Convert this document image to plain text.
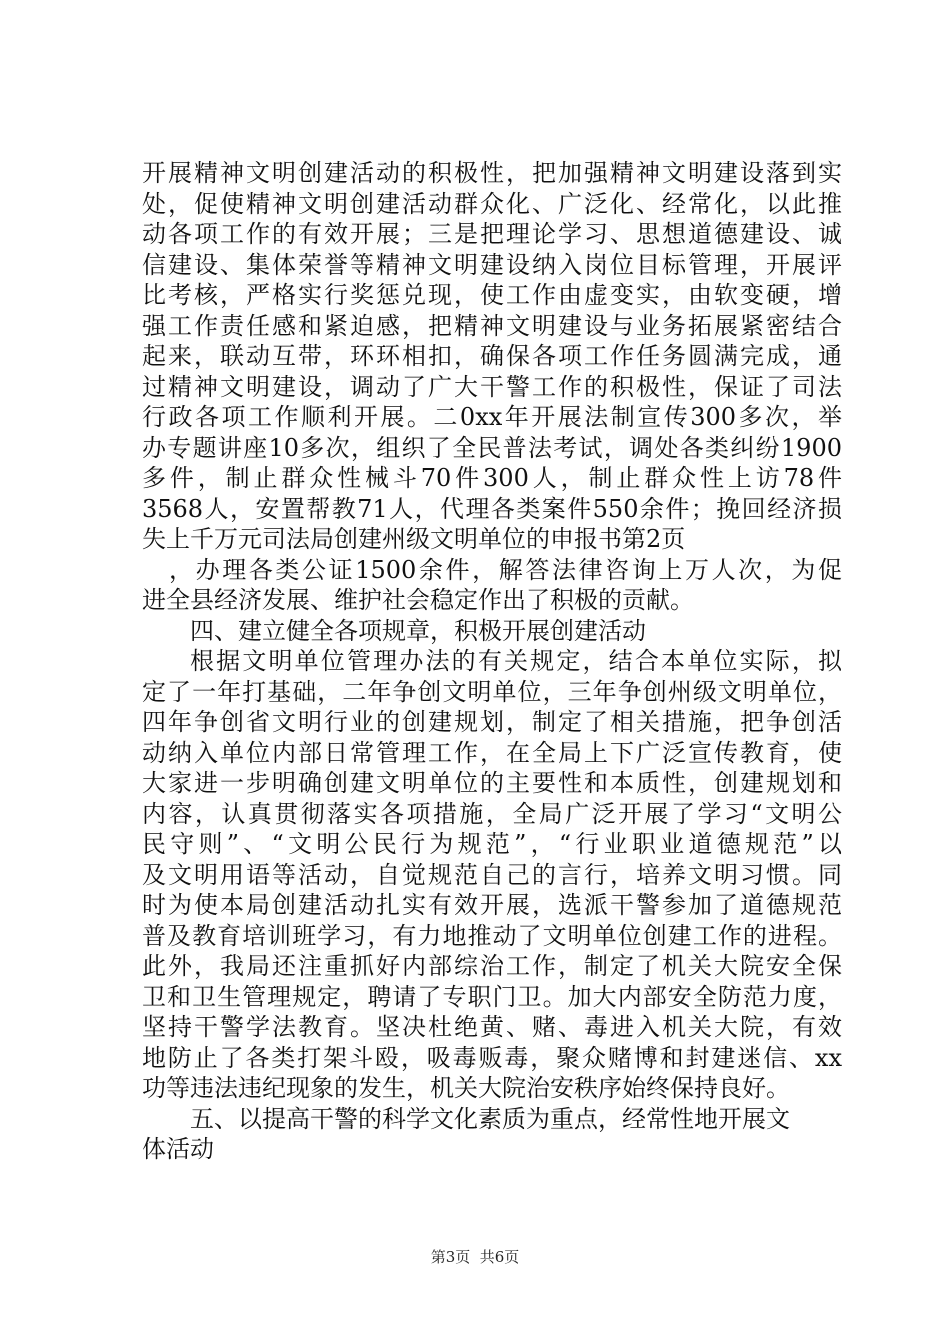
开展精神文明创建活动的积极性，把加强精神文明建设落到实
处，促使精神文明创建活动群众化、广泛化、经常化，以此推
动各项工作的有效开展；三是把理论学习、思想道德建设、诚
信建设、集体荣誉等精神文明建设纳入岗位目标管理，开展评
比考核，严格实行奖惩兑现，使工作由虚变实，由软变硬，增
强工作责任感和紧迫感，把精神文明建设与业务拓展紧密结合
起来，联动互带，环环相扣，确保各项工作任务圆满完成，通
过精神文明建设，调动了广大干警工作的积极性，保证了司法
行政各项工作顺利开展。二0xx年开展法制宣传300多次，举
办专题讲座10多次，组织了全民普法考试，调处各类纠纷1900
多件，制止群众性械斗70件300人，制止群众性上访78件
3568人，安置帮教71人，代理各类案件550余件；挽回经济损
失上千万元司法局创建州级文明单位的申报书第2页
，办理各类公证1500余件，解答法律咨询上万人次，为促
进全县经济发展、维护社会稳定作出了积极的贡献。
四、建立健全各项规章，积极开展创建活动
根据文明单位管理办法的有关规定，结合本单位实际，拟
定了一年打基础，二年争创文明单位，三年争创州级文明单位，
四年争创省文明行业的创建规划，制定了相关措施，把争创活
动纳入单位内部日常管理工作，在全局上下广泛宣传教育，使
大家进一步明确创建文明单位的主要性和本质性，创建规划和
内容，认真贯彻落实各项措施，全局广泛开展了学习“文明公
民守则”、“文明公民行为规范”，“行业职业道德规范”以
及文明用语等活动，自觉规范自己的言行，培养文明习惯。同
时为使本局创建活动扎实有效开展，选派干警参加了道德规范
普及教育培训班学习，有力地推动了文明单位创建工作的进程。
此外，我局还注重抓好内部综治工作，制定了机关大院安全保
卫和卫生管理规定，聘请了专职门卫。加大内部安全防范力度，
坚持干警学法教育。坚决杜绝黄、赌、毒进入机关大院，有效
地防止了各类打架斗殴，吸毒贩毒，聚众赌博和封建迷信、xx
功等违法违纪现象的发生，机关大院治安秩序始终保持良好。
五、以提高干警的科学文化素质为重点，经常性地开展文
体活动
第3页  共6页
